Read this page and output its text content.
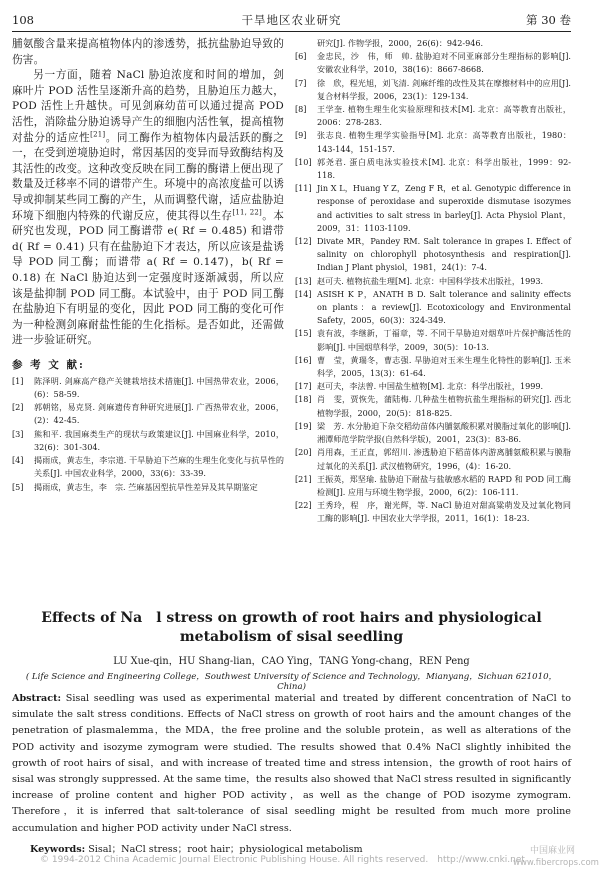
108	干旱地区农业研究	第 30 卷

脯氨酸含量来提高植物体内的渗透势，抵抗盐胁迫导致的伤害。

另一方面，随着 NaCl 胁迫浓度和时间的增加，剑麻叶片 POD 活性呈逐渐升高的趋势，且胁迫压力越大，POD 活性上升越快。可见剑麻幼苗可以通过提高 POD 活性，消除盐分胁迫诱导产生的细胞内活性氧，提高植物对盐分的适应性[21]。同工酶作为植物体内最活跃的酶之一，在受到逆境胁迫时，常因基因的变异而导致酶结构及其活性的改变。这种改变反映在同工酶的酶谱上便出现了数量及迁移率不同的谱带产生。环境中的高浓度盐可以诱导或抑制某些同工酶的产生，从而调整代谢，适应盐胁迫环境下细胞内特殊的代谢反应，使其得以生存[11, 22]。本研究也发现，POD 同工酶谱带 e( Rf = 0.485) 和谱带 d( Rf = 0.41) 只有在盐胁迫下才表达，所以应该是盐诱导 POD 同工酶；而谱带 a( Rf = 0.147)，b( Rf = 0.18) 在 NaCl 胁迫达到一定强度时逐渐减弱，所以应该是盐抑制 POD 同工酶。本试验中，由于 POD 同工酶在盐胁迫下有明显的变化，因此 POD 同工酶的变化可作为一种检测剑麻耐盐性能的生化指标。是否如此，还需做进一步验证研究。

参 考 文 献:
[1]	陈泽明. 剑麻高产稳产关键栽培技术措施[J]. 中国热带农业，2006，(6)：58-59.
[2]	郭朝铭，易克贤. 剑麻遗传育种研究进展[J]. 广西热带农业，2006，(2)：42-45.
[3]	熊和平. 我国麻类生产的现状与政策建议[J]. 中国麻业科学，2010，32(6)：301-304.
[4]	揭雨成，黄志生，李宗道. 干旱胁迫下苎麻的生理生化变化与抗旱性的关系[J]. 中国农业科学，2000，33(6)：33-39.
[5]	揭雨成，黄志生，李　宗. 苎麻基因型抗旱性差异及其旱期鉴定
研究[J]. 作物学报，2000，26(6)：942-946.
[6]	金忠民，沙　伟，师　帅. 盐胁迫对不同亚麻部分生理指标的影响[J]. 安徽农业科学，2010，38(16)：8667-8668.
[7]	徐　欣，程光旭，刘飞清. 剑麻纤维的改性及其在摩擦材料中的应用[J]. 复合材料学报，2006，23(1)：129-134.
[8]	王学奎. 植物生理生化实验原理和技术[M]. 北京：高等教育出版社，2006：278-283.
[9]	张志良. 植物生理学实验指导[M]. 北京：高等教育出版社，1980：143-144，151-157.
[10] 郭尧君. 蛋白质电泳实验技术[M]. 北京：科学出版社，1999：92-118.
[11] Jin X L，Huang Y Z，Zeng F R，et al. Genotypic difference in response of peroxidase and superoxide dismutase isozymes and activities to salt stress in barley[J]. Acta Physiol Plant，2009，31：1103-1109.
[12] Divate MR，Pandey RM. Salt tolerance in grapes I. Effect of salinity on chlorophyll photosynthesis and respiration[J]. Indian J Plant physiol，1981，24(1)：7-4.
[13] 赵可夫. 植物抗盐生理[M]. 北京：中国科学技术出版社，1993.
[14] ASISH K P，ANATH B D. Salt tolerance and salinity effects on plants：a review[J]. Ecotoxicology and Environmental Safety，2005，60(3)：324-349.
[15] 袁有波，李继新，丁福章，等. 不同干旱胁迫对烟草叶片保护酶活性的影响[J]. 中国烟草科学，2009，30(5)：10-13.
[16] 曹　莹，黄瑞冬，曹志强. 旱胁迫对玉米生理生化特性的影响[J]. 玉米科学，2005，13(3)：61-64.
[17] 赵可夫，李法曾. 中国盐生植物[M]. 北京：科学出版社，1999.
[18] 肖　雯，贾恢先，蒲陆梅. 几种盐生植物抗盐生理指标的研究[J]. 西北植物学报，2000，20(5)：818-825.
[19] 梁　芳. 水分胁迫下杂交稻幼苗体内脯氨酸积累对膜脂过氧化的影响[J]. 湘潭师范学院学报(自然科学版)，2001，23(3)：83-86.
[20] 肖用森，王正直，郭绍川. 渗透胁迫下稻苗体内游离脯氨酸积累与膜脂过氧化的关系[J]. 武汉植物研究，1996，(4)：16-20.
[21] 王振英，郑坚瑜. 盐胁迫下耐盐与盐敏感水稻的 RAPD 和 POD 同工酶检测[J]. 应用与环境生物学报，2000，6(2)：106-111.
[22] 王秀玲，程　序，谢光辉，等. NaCl 胁迫对甜高粱萌发及过氧化物同工酶的影响[J]. 中国农业大学学报，2011，16(1)：18-23.
Effects of Na　l stress on growth of root hairs and physiological
metabolism of sisal seedling
LU Xue-qin，HU Shang-lian，CAO Ying，TANG Yong-chang，REN Peng
( Life Science and Engineering College，Southwest University of Science and Technology，Mianyang，Sichuan 621010，China)

Abstract: Sisal seedling was used as experimental material and treated by different concentration of NaCl to simulate the salt stress conditions. Effects of NaCl stress on growth of root hairs and the amount changes of the penetration of plasmalemma，the MDA，the free proline and the soluble protein，as well as alterations of the POD activity and isozyme zymogram were studied. The results showed that 0.4% NaCl slightly inhibited the growth of root hairs of sisal，and with increase of treated time and stress intension，the growth of root hairs of sisal was strongly suppressed. At the same time，the results also showed that NaCl stress resulted in significantly increase of proline content and higher POD activity，as well as the change of POD isozyme zymogram. Therefore，it is inferred that salt-tolerance of sisal seedling might be resulted from much more proline accumulation and higher POD activity under NaCl stress.

Keywords: Sisal；NaCl stress；root hair；physiological metabolism

© 1994-2012 China Academic Journal Electronic Publishing House. All rights reserved.　http://www.cnki.net
中国麻业网
www.fibercrops.com
